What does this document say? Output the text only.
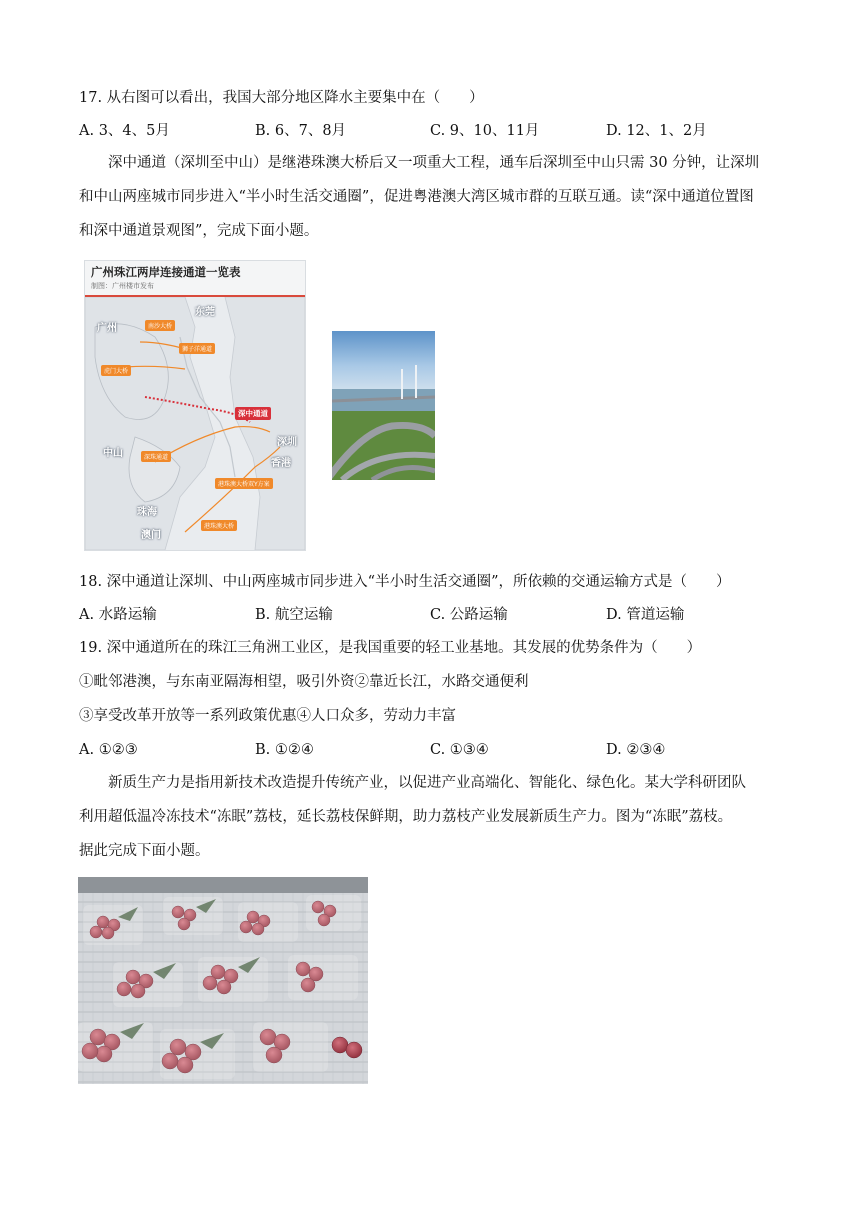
17. 从右图可以看出，我国大部分地区降水主要集中在（　　）
A. 3、4、5月	B. 6、7、8月	C. 9、10、11月	D. 12、1、2月
深中通道（深圳至中山）是继港珠澳大桥后又一项重大工程，通车后深圳至中山只需 30 分钟，让深圳
和中山两座城市同步进入“半小时生活交通圈”，促进粤港澳大湾区城市群的互联互通。读“深中通道位置图
和深中通道景观图”，完成下面小题。
广州珠江两岸连接通道一览表
制图：广州楼市发布
广州
东莞
中山
深圳
香港
珠海
澳门
南沙大桥
狮子洋通道
虎门大桥
深中通道
深珠通道
港珠澳大桥双Y方案
港珠澳大桥
18. 深中通道让深圳、中山两座城市同步进入“半小时生活交通圈”，所依赖的交通运输方式是（　　）
A. 水路运输	B. 航空运输	C. 公路运输	D. 管道运输
19. 深中通道所在的珠江三角洲工业区，是我国重要的轻工业基地。其发展的优势条件为（　　）
①毗邻港澳，与东南亚隔海相望，吸引外资②靠近长江，水路交通便利
③享受改革开放等一系列政策优惠④人口众多，劳动力丰富
A. ①②③	B. ①②④	C. ①③④	D. ②③④
新质生产力是指用新技术改造提升传统产业，以促进产业高端化、智能化、绿色化。某大学科研团队
利用超低温冷冻技术“冻眠”荔枝，延长荔枝保鲜期，助力荔枝产业发展新质生产力。图为“冻眠”荔枝。
据此完成下面小题。
